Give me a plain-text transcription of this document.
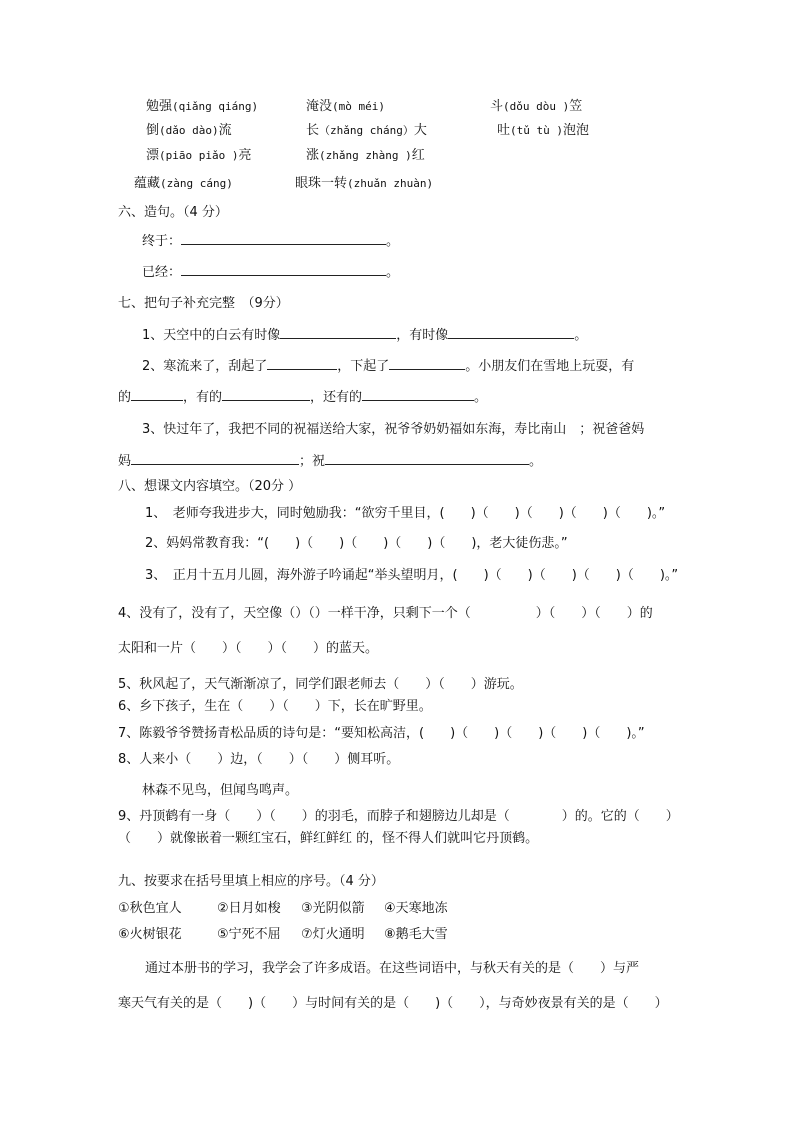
勉强(qiǎng qiáng)	淹没(mò méi)	斗(dǒu dòu )笠
倒(dǎo dào)流	长（zhǎng cháng）大	吐(tǔ tù )泡泡
漂(piāo piǎo )亮	涨(zhǎng zhàng )红
蕴藏(zàng cáng)	眼珠一转(zhuǎn zhuàn)
六、造句。（4 分）
终于：	。
已经：	。
七、把句子补充完整　（9分）
1、天空中的白云有时像	，有时像	。
2、寒流来了，刮起了	，下起了	。小朋友们在雪地上玩耍，有
的	，有的	，还有的	。
3、快过年了，我把不同的祝福送给大家，祝爷爷奶奶福如东海，寿比南山　；祝爸爸妈
妈	；祝	。
八、想课文内容填空。（20分 ）
1、　老师夸我进步大，同时勉励我：“欲穷千里目，(　　)（　　)（　　)（　　)（　　)。”
2、妈妈常教育我：“(　　)（　　)（　　)（　　)（　　)，老大徒伤悲。”
3、　正月十五月儿圆，海外游子吟诵起“举头望明月，(　　)（　　)（　　)（　　)（　　)。”
4、没有了，没有了，天空像（）（）一样干净，只剩下一个（　　　　　）（　　）（　　）的
太阳和一片（　　）（　　）（　　）的蓝天。
5、秋风起了，天气渐渐凉了，同学们跟老师去（　　）（　　）游玩。
6、乡下孩子，生在（　　）（　　）下，长在旷野里。
7、陈毅爷爷赞扬青松品质的诗句是：“要知松高洁，(　　)（　　)（　　)（　　)（　　)。”
8、人来小（　　）边，（　　）（　　）侧耳听。
林森不见鸟，但闻鸟鸣声。
9、丹顶鹤有一身（　　）（　　）的羽毛，而脖子和翅膀边儿却是（　　　　）的。它的（　　）
（　　）就像嵌着一颗红宝石，鲜红鲜红 的，怪不得人们就叫它丹顶鹤。
九、按要求在括号里填上相应的序号。（4 分）
①秋色宜人	②日月如梭 ③光阴似箭 ④天寒地冻
⑥火树银花	⑤宁死不屈 ⑦灯火通明 ⑧鹅毛大雪
通过本册书的学习，我学会了许多成语。在这些词语中，与秋天有关的是（　　）与严
寒天气有关的是（　　)（　　）与时间有关的是（　　)（　　），与奇妙夜景有关的是（　　）
